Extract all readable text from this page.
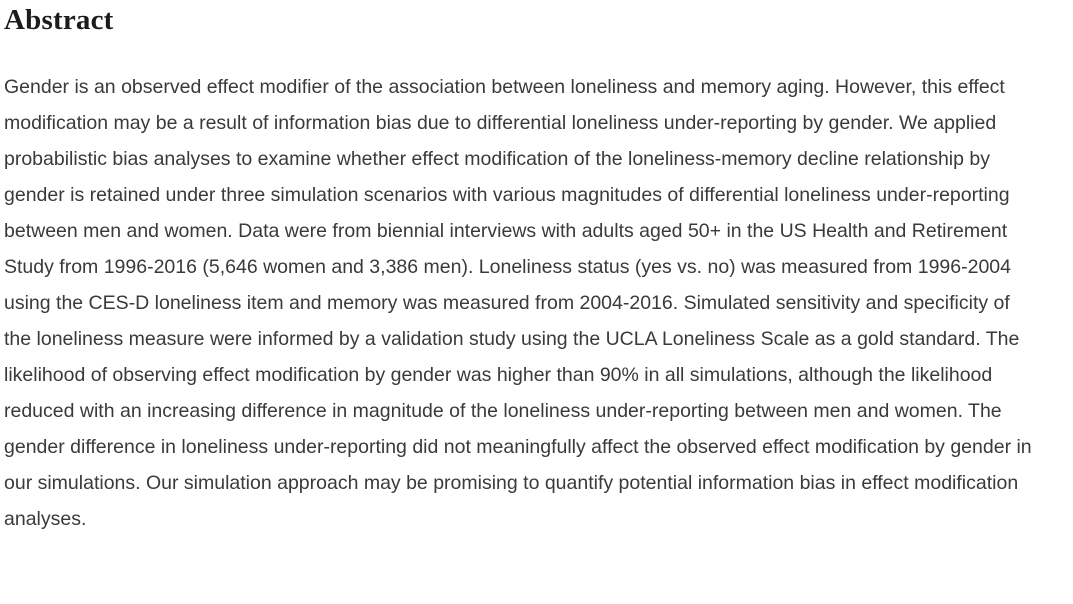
Abstract

Gender is an observed effect modifier of the association between loneliness and memory aging. However, this effect modification may be a result of information bias due to differential loneliness under-reporting by gender. We applied probabilistic bias analyses to examine whether effect modification of the loneliness-memory decline relationship by gender is retained under three simulation scenarios with various magnitudes of differential loneliness under-reporting between men and women. Data were from biennial interviews with adults aged 50+ in the US Health and Retirement Study from 1996-2016 (5,646 women and 3,386 men). Loneliness status (yes vs. no) was measured from 1996-2004 using the CES-D loneliness item and memory was measured from 2004-2016. Simulated sensitivity and specificity of the loneliness measure were informed by a validation study using the UCLA Loneliness Scale as a gold standard. The likelihood of observing effect modification by gender was higher than 90% in all simulations, although the likelihood reduced with an increasing difference in magnitude of the loneliness under-reporting between men and women. The gender difference in loneliness under-reporting did not meaningfully affect the observed effect modification by gender in our simulations. Our simulation approach may be promising to quantify potential information bias in effect modification analyses.
